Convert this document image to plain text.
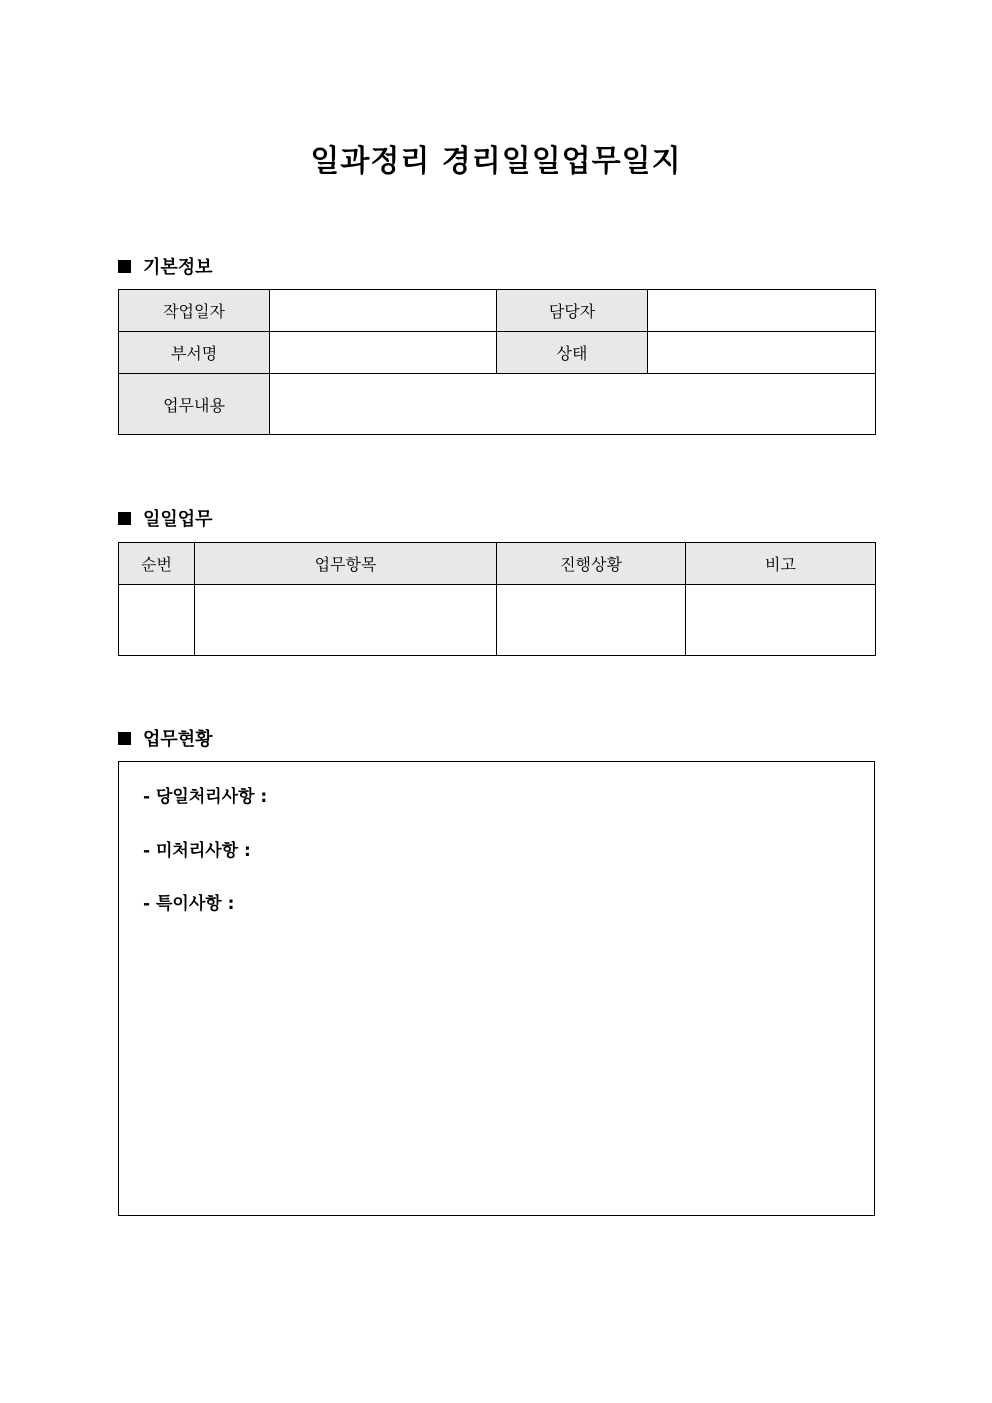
일과정리 경리일일업무일지
기본정보
작업일자		담당자	
부서명		상태	
업무내용			
일일업무
순번	업무항목	진행상황	비고

업무현황
- 당일처리사항 :
- 미처리사항 :
- 특이사항 :
